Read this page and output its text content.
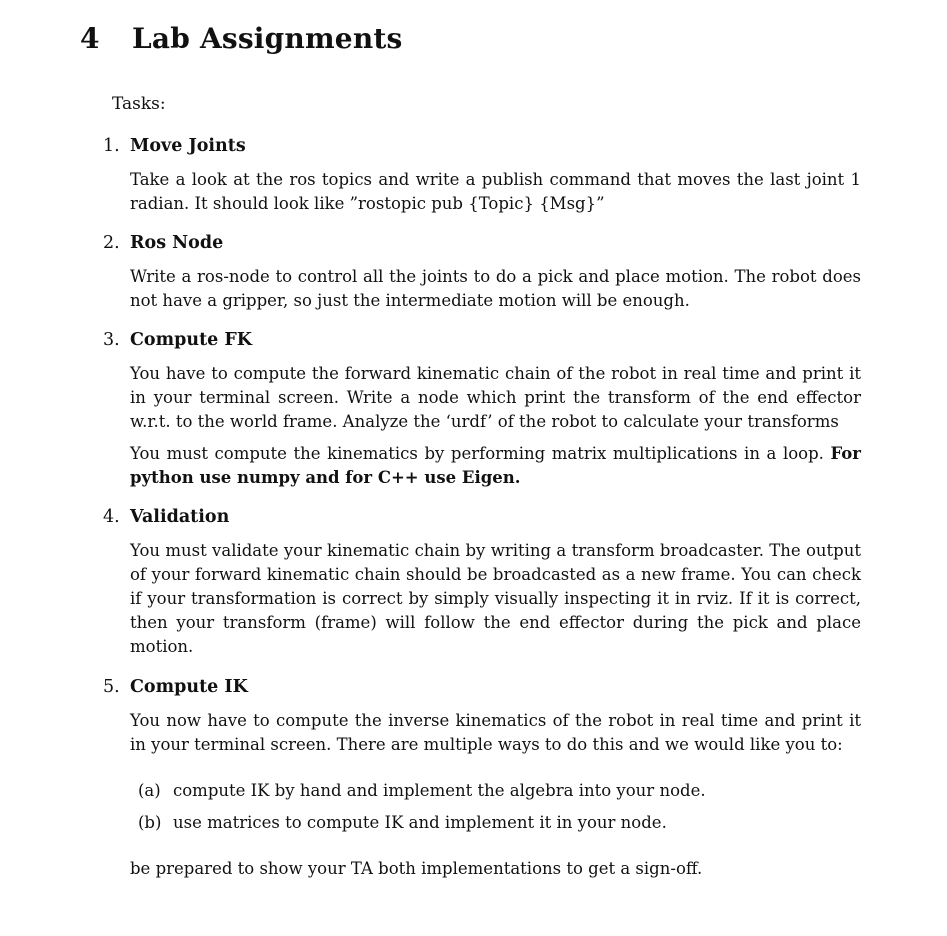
4 Lab Assignments
Tasks:
1. Move Joints
Take a look at the ros topics and write a publish command that moves the last joint 1 radian. It should look like ”rostopic pub {Topic} {Msg}”
2. Ros Node
Write a ros-node to control all the joints to do a pick and place motion. The robot does not have a gripper, so just the intermediate motion will be enough.
3. Compute FK
You have to compute the forward kinematic chain of the robot in real time and print it in your terminal screen. Write a node which print the transform of the end effector w.r.t. to the world frame. Analyze the ‘urdf’ of the robot to calculate your transforms
You must compute the kinematics by performing matrix multiplications in a loop. For python use numpy and for C++ use Eigen.
4. Validation
You must validate your kinematic chain by writing a transform broadcaster. The output of your forward kinematic chain should be broadcasted as a new frame. You can check if your transformation is correct by simply visually inspecting it in rviz. If it is correct, then your transform (frame) will follow the end effector during the pick and place motion.
5. Compute IK
You now have to compute the inverse kinematics of the robot in real time and print it in your terminal screen. There are multiple ways to do this and we would like you to:
(a) compute IK by hand and implement the algebra into your node.
(b) use matrices to compute IK and implement it in your node.
be prepared to show your TA both implementations to get a sign-off.
